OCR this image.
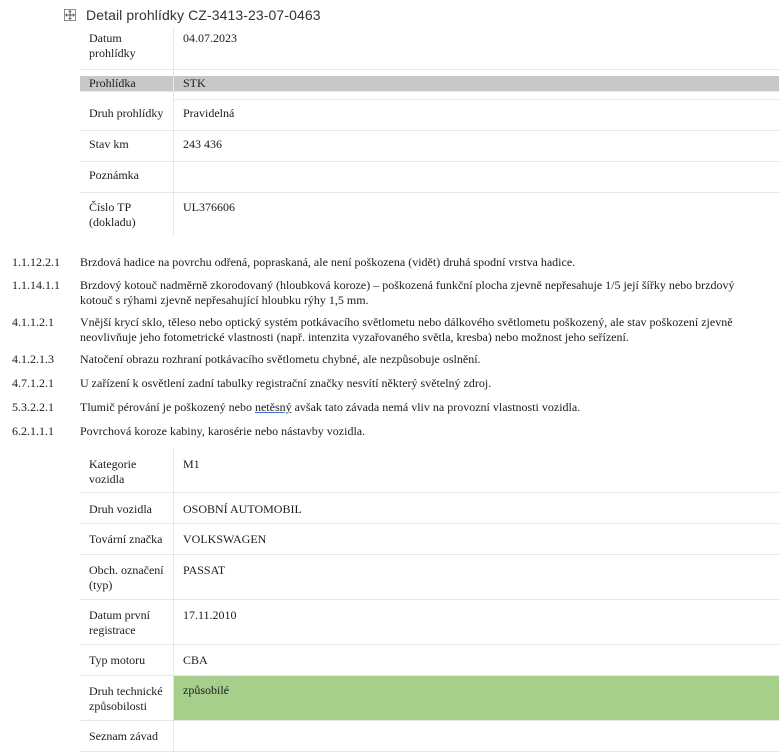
Detail prohlídky CZ-3413-23-07-0463
Datum prohlídky	04.07.2023

Prohlídka	STK

Druh prohlídky	Pravidelná
Stav km	243 436
Poznámka	
Číslo TP (dokladu)	UL376606
1.1.12.2.1 Brzdová hadice na povrchu odřená, popraskaná, ale není poškozena (vidět) druhá spodní vrstva hadice.
1.1.14.1.1 Brzdový kotouč nadměrně zkorodovaný (hloubková koroze) – poškozená funkční plocha zjevně nepřesahuje 1/5 její šířky nebo brzdový kotouč s rýhami zjevně nepřesahující hloubku rýhy 1,5 mm.
4.1.1.2.1 Vnější krycí sklo, těleso nebo optický systém potkávacího světlometu nebo dálkového světlometu poškozený, ale stav poškození zjevně neovlivňuje jeho fotometrické vlastnosti (např. intenzita vyzařovaného světla, kresba) nebo možnost jeho seřízení.
4.1.2.1.3 Natočení obrazu rozhraní potkávacího světlometu chybné, ale nezpůsobuje oslnění.
4.7.1.2.1 U zařízení k osvětlení zadní tabulky registrační značky nesvítí některý světelný zdroj.
5.3.2.2.1 Tlumič pérování je poškozený nebo netěsný avšak tato závada nemá vliv na provozní vlastnosti vozidla.
6.2.1.1.1 Povrchová koroze kabiny, karosérie nebo nástavby vozidla.
Kategorie vozidla	M1
Druh vozidla	OSOBNÍ AUTOMOBIL
Tovární značka	VOLKSWAGEN
Obch. označení (typ)	PASSAT
Datum první registrace	17.11.2010
Typ motoru	CBA
Druh technické způsobilosti	způsobilé
Seznam závad	
